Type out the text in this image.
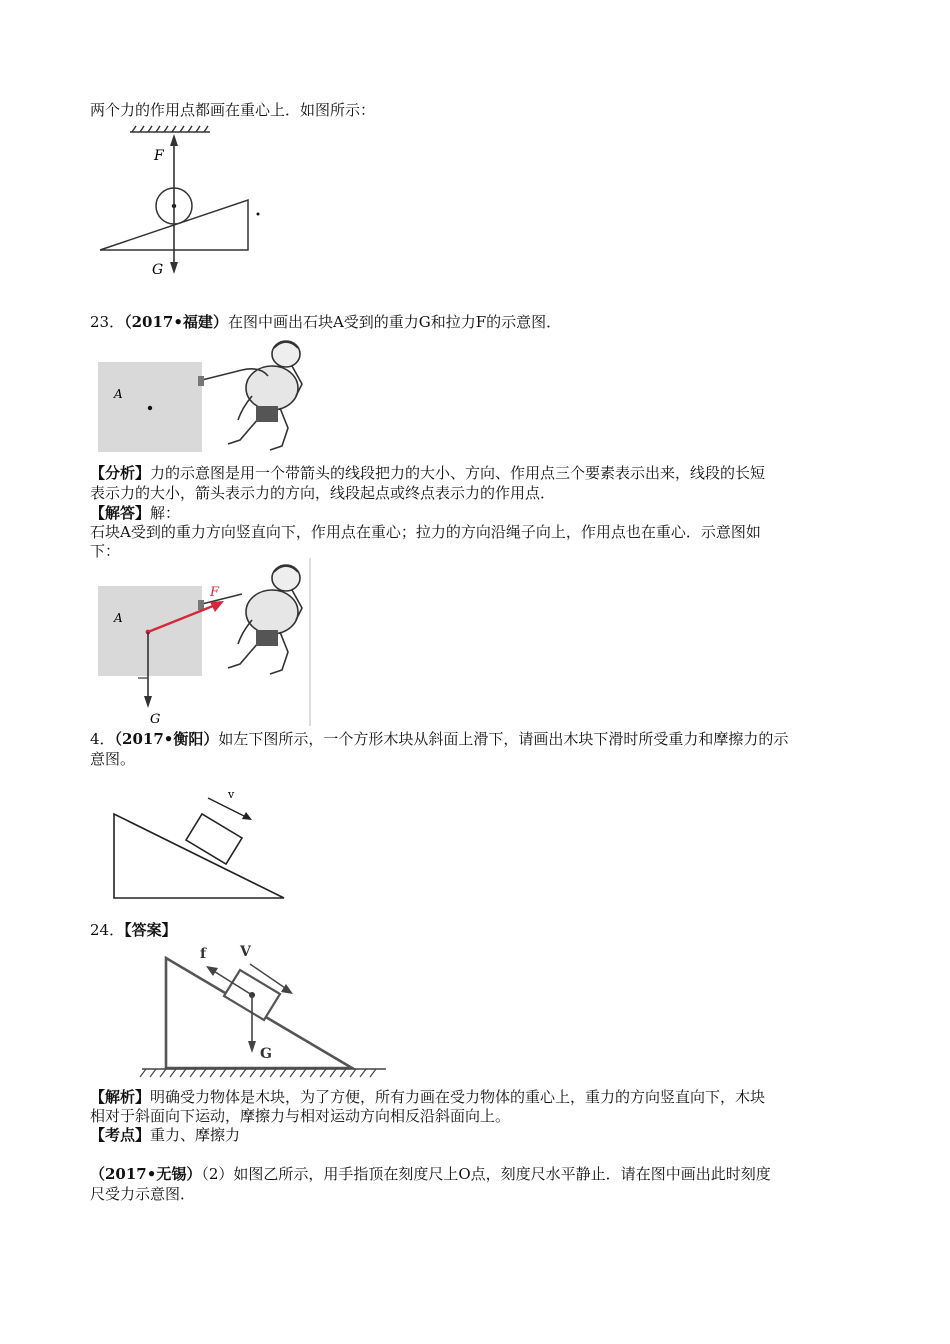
两个力的作用点都画在重心上．如图所示：
F
G
23．（2017•福建）在图中画出石块A受到的重力G和拉力F的示意图．
A
【分析】力的示意图是用一个带箭头的线段把力的大小、方向、作用点三个要素表示出来，线段的长短
表示力的大小，箭头表示力的方向，线段起点或终点表示力的作用点．
【解答】解：
石块A受到的重力方向竖直向下，作用点在重心；拉力的方向沿绳子向上，作用点也在重心．示意图如
下：
A
F
G
4．（2017•衡阳）如左下图所示，一个方形木块从斜面上滑下，请画出木块下滑时所受重力和摩擦力的示
意图。
v
24．【答案】
f V
G
【解析】明确受力物体是木块，为了方便，所有力画在受力物体的重心上，重力的方向竖直向下，木块
相对于斜面向下运动，摩擦力与相对运动方向相反沿斜面向上。
【考点】重力、摩擦力
（2017•无锡）（2）如图乙所示，用手指顶在刻度尺上O点，刻度尺水平静止．请在图中画出此时刻度
尺受力示意图．
